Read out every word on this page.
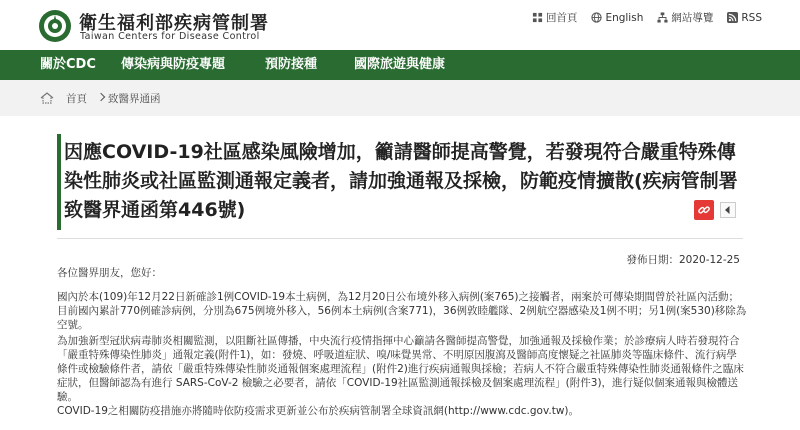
衛生福利部疾病管制署
Taiwan Centers for Disease Control
回首頁	English	網站導覽	RSS
關於CDC 傳染病與防疫專題	預防接種	國際旅遊與健康
首頁 致醫界通函
因應COVID-19社區感染風險增加，籲請醫師提高警覺，若發現符合嚴重特殊傳染性肺炎或社區監測通報定義者，請加強通報及採檢，防範疫情擴散(疾病管制署致醫界通函第446號)
發佈日期：2020-12-25
各位醫界朋友，您好：

國內於本(109)年12月22日新確診1例COVID-19本土病例，為12月20日公布境外移入病例(案765)之接觸者，兩案於可傳染期間曾於社區內活動；目前國內累計770例確診病例，分別為675例境外移入，56例本土病例(含案771)，36例敦睦艦隊、2例航空器感染及1例不明；另1例(案530)移除為空號。

為加強新型冠狀病毒肺炎相關監測，以阻斷社區傳播，中央流行疫情指揮中心籲請各醫師提高警覺，加強通報及採檢作業；於診療病人時若發現符合「嚴重特殊傳染性肺炎」通報定義(附件1)，如：發燒、呼吸道症狀、嗅/味覺異常、不明原因腹瀉及醫師高度懷疑之社區肺炎等臨床條件、流行病學條件或檢驗條件者，請依「嚴重特殊傳染性肺炎通報個案處理流程」(附件2)進行疾病通報與採檢；若病人不符合嚴重特殊傳染性肺炎通報條件之臨床症狀，但醫師認為有進行 SARS-CoV-2 檢驗之必要者，請依「COVID-19社區監測通報採檢及個案處理流程」(附件3)，進行疑似個案通報與檢體送驗。

COVID-19之相關防疫措施亦將隨時依防疫需求更新並公布於疾病管制署全球資訊網(http://www.cdc.gov.tw)。
